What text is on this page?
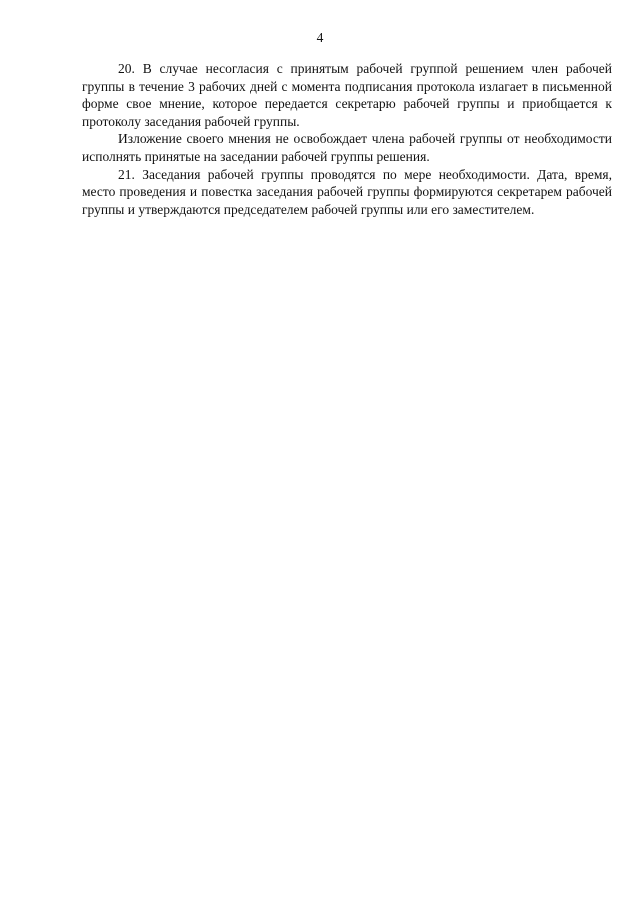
4

20. В случае несогласия с принятым рабочей группой решением член рабочей группы в течение 3 рабочих дней с момента подписания протокола излагает в письменной форме свое мнение, которое передается секретарю рабочей группы и приобщается к протоколу заседания рабочей группы.

Изложение своего мнения не освобождает члена рабочей группы от необходимости исполнять принятые на заседании рабочей группы решения.

21. Заседания рабочей группы проводятся по мере необходимости. Дата, время, место проведения и повестка заседания рабочей группы формируются секретарем рабочей группы и утверждаются председателем рабочей группы или его заместителем.
